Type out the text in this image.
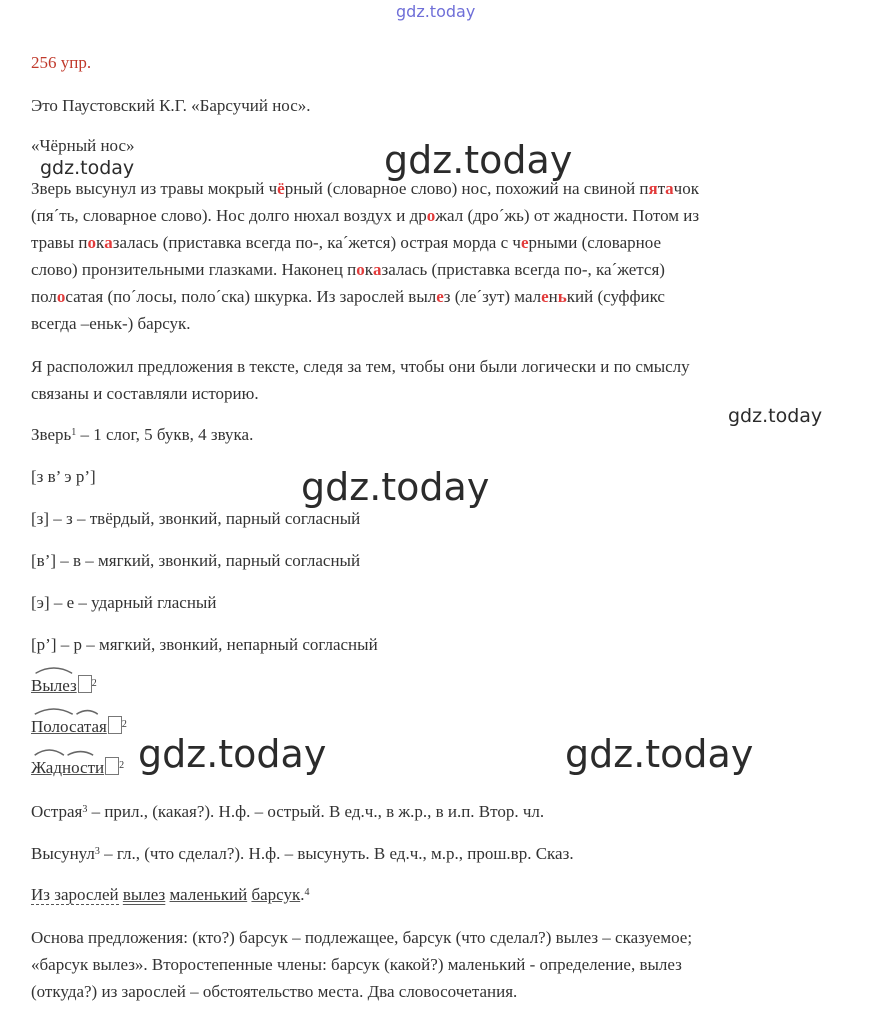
gdz.today
gdz.today	gdz.today
gdz.today
gdz.today
gdz.today	gdz.today
256 упр.
Это Паустовский К.Г. «Барсучий нос».
«Чёрный нос»
Зверь высунул из травы мокрый чёрный (словарное слово) нос, похожий на свиной пятачок
(пя´ть, словарное слово). Нос долго нюхал воздух и дрожал (дро´жь) от жадности. Потом из
травы показалась (приставка всегда по-, ка´жется) острая морда с черными (словарное
слово) пронзительными глазками. Наконец показалась (приставка всегда по-, ка´жется)
полосатая (по´лосы, поло´ска) шкурка. Из зарослей вылез (ле´зут) маленький (суффикс
всегда –еньк-) барсук.
Я расположил предложения в тексте, следя за тем, чтобы они были логически и по смыслу
связаны и составляли историю.
Зверь$^1$ – 1 слог, 5 букв, 4 звука.
[з в’ э р’]
[з] – з – твёрдый, звонкий, парный согласный
[в’] – в – мягкий, звонкий, парный согласный
[э] – е – ударный гласный
[р’] – р – мягкий, звонкий, непарный согласный
Вылез $^2$
Полосатая $^2$
Жадности $^2$
Острая$^3$ – прил., (какая?). Н.ф. – острый. В ед.ч., в ж.р., в и.п. Втор. чл.
Высунул$^3$ – гл., (что сделал?). Н.ф. – высунуть. В ед.ч., м.р., прош.вр. Сказ.
Из зарослей вылез маленький барсук.$^4$
Основа предложения: (кто?) барсук – подлежащее, барсук (что сделал?) вылез – сказуемое;
«барсук вылез». Второстепенные члены: барсук (какой?) маленький - определение, вылез
(откуда?) из зарослей – обстоятельство места. Два словосочетания.
